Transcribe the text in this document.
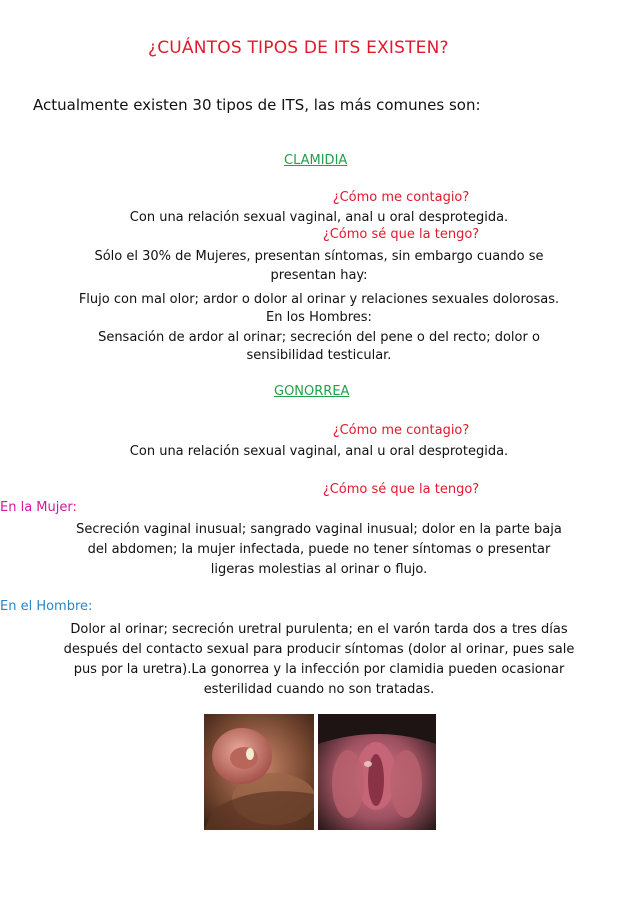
¿CUÁNTOS TIPOS DE ITS EXISTEN?
Actualmente existen 30 tipos de ITS, las más comunes son:
CLAMIDIA
¿Cómo me contagio?
Con una relación sexual vaginal, anal u oral desprotegida.
¿Cómo sé que la tengo?
Sólo el 30% de Mujeres, presentan síntomas, sin embargo cuando se
presentan hay:
Flujo con mal olor; ardor o dolor al orinar y relaciones sexuales dolorosas.
En los Hombres:
Sensación de ardor al orinar; secreción del pene o del recto; dolor o
sensibilidad testicular.
GONORREA
¿Cómo me contagio?
Con una relación sexual vaginal, anal u oral desprotegida.
¿Cómo sé que la tengo?
En la Mujer:
Secreción vaginal inusual; sangrado vaginal inusual; dolor en la parte baja
del abdomen; la mujer infectada, puede no tener síntomas o presentar
ligeras molestias al orinar o flujo.
En el Hombre:
Dolor al orinar; secreción uretral purulenta; en el varón tarda dos a tres días
después del contacto sexual para producir síntomas (dolor al orinar, pues sale
pus por la uretra).La gonorrea y la infección por clamidia pueden ocasionar
esterilidad cuando no son tratadas.
